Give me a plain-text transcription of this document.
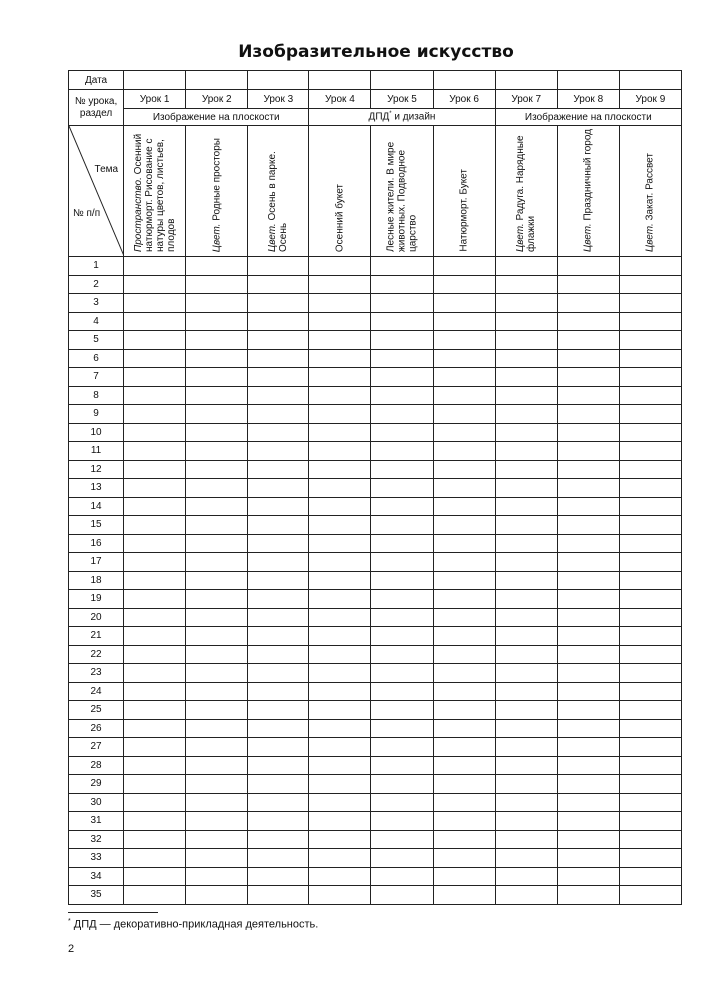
Изобразительное искусство
Дата									

№ урока,
раздел	Урок 1	Урок 2	Урок 3	Урок 4	Урок 5	Урок 6	Урок 7	Урок 8	Урок 9
	Изображение на плоскости			ДПД* и дизайн			Изображение на плоскости		

Тема
№ п/п	Пространство. Осенний натюрморт. Рисование с натуры цветов, листьев, плодов	Цвет. Родные просторы	Цвет. Осень в парке. Осень	Осенний букет	Лесные жители. В мире животных. Подводное царство	Натюрморт. Букет	Цвет. Радуга. Нарядные флажки	Цвет. Праздничный город	Цвет. Закат. Рассвет

1									
2									
3									
4									
5									
6									
7									
8									
9									
10									
11									
12									
13									
14									
15									
16									
17									
18									
19									
20									
21									
22									
23									
24									
25									
26									
27									
28									
29									
30									
31									
32									
33									
34									
35									
* ДПД — декоративно-прикладная деятельность.
2
